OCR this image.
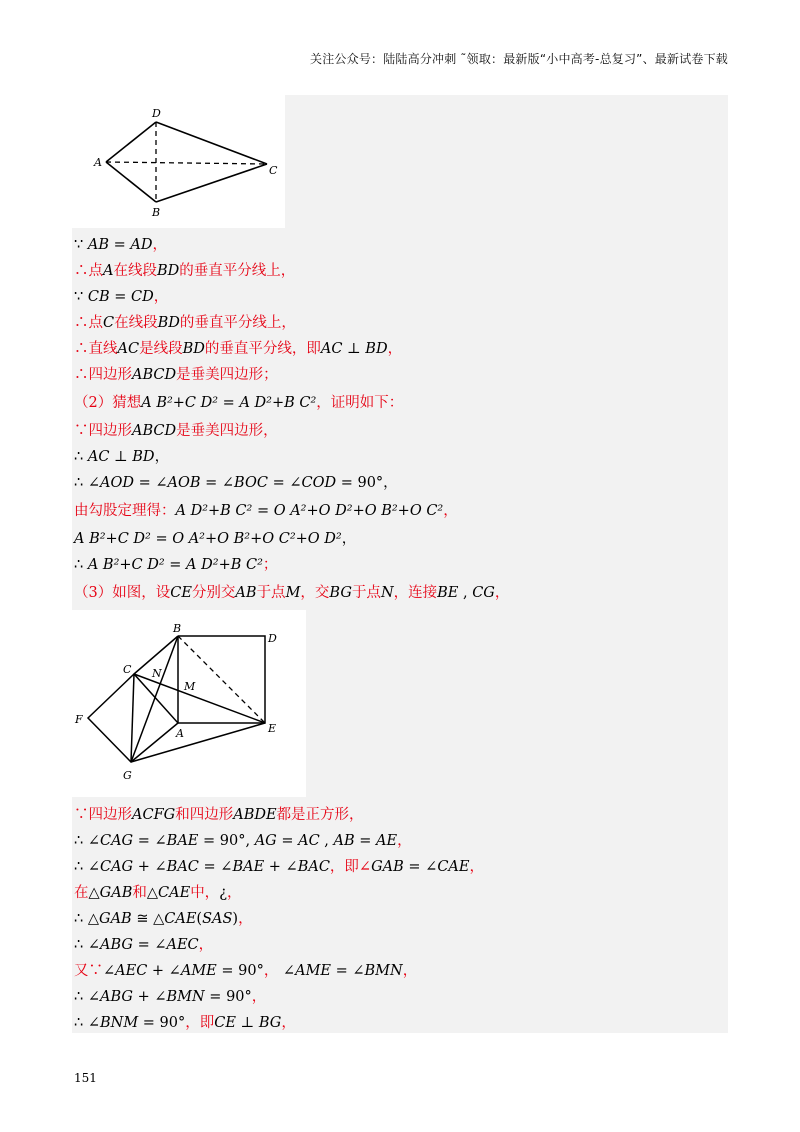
关注公众号：陆陆高分冲刺 ˜领取：最新版“小中高考-总复习”、最新试卷下载
A
D
C
B
B
D
C N
M
F
A	E
G
∵ AB = AD，
∴点A在线段BD的垂直平分线上，
∵ CB = CD，
∴点C在线段BD的垂直平分线上，
∴直线AC是线段BD的垂直平分线，即AC ⊥ BD，
∴四边形ABCD是垂美四边形；
（2）猜想A B²+C D² = A D²+B C²，证明如下：
∵四边形ABCD是垂美四边形，
∴ AC ⊥ BD，
∴ ∠AOD = ∠AOB = ∠BOC = ∠COD = 90°，
由勾股定理得：A D²+B C² = O A²+O D²+O B²+O C²，
A B²+C D² = O A²+O B²+O C²+O D²，
∴ A B²+C D² = A D²+B C²；
（3）如图，设CE分别交AB于点M，交BG于点N，连接BE , CG，
∵四边形ACFG和四边形ABDE都是正方形，
∴ ∠CAG = ∠BAE = 90°, AG = AC , AB = AE，
∴ ∠CAG + ∠BAC = ∠BAE + ∠BAC，即∠GAB = ∠CAE，
在△GAB和△CAE中，¿，
∴ △GAB ≅ △CAE(SAS)，
∴ ∠ABG = ∠AEC，
又∵∠AEC + ∠AME = 90°， ∠AME = ∠BMN，
∴ ∠ABG + ∠BMN = 90°，
∴ ∠BNM = 90°，即CE ⊥ BG，
151
